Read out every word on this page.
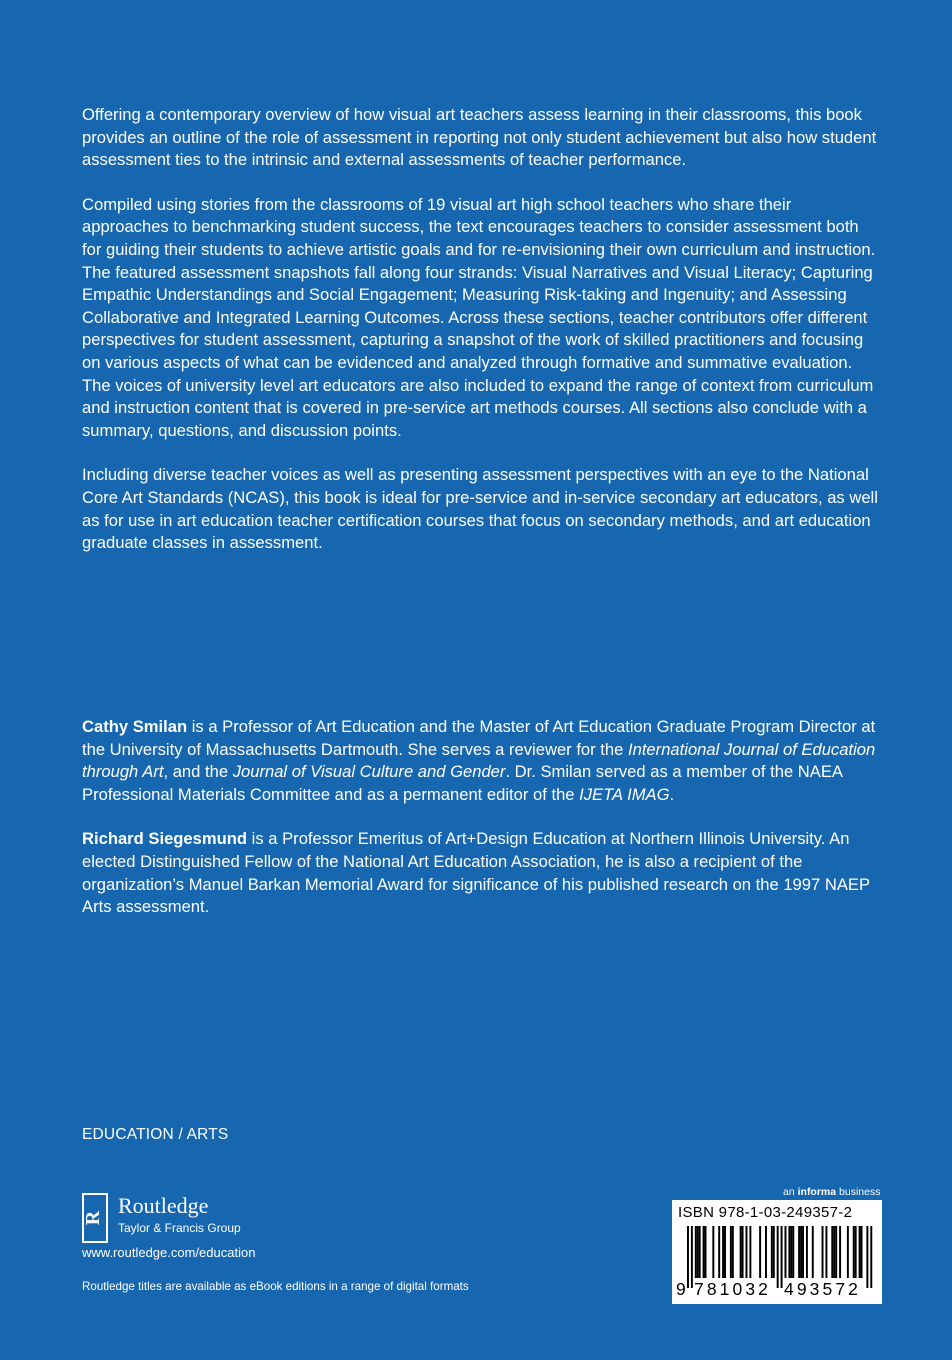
Offering a contemporary overview of how visual art teachers assess learning in their classrooms, this book provides an outline of the role of assessment in reporting not only student achievement but also how student assessment ties to the intrinsic and external assessments of teacher performance.

Compiled using stories from the classrooms of 19 visual art high school teachers who share their approaches to benchmarking student success, the text encourages teachers to consider assessment both for guiding their students to achieve artistic goals and for re-envisioning their own curriculum and instruction. The featured assessment snapshots fall along four strands: Visual Narratives and Visual Literacy; Capturing Empathic Understandings and Social Engagement; Measuring Risk-taking and Ingenuity; and Assessing Collaborative and Integrated Learning Outcomes. Across these sections, teacher contributors offer different perspectives for student assessment, capturing a snapshot of the work of skilled practitioners and focusing on various aspects of what can be evidenced and analyzed through formative and summative evaluation. The voices of university level art educators are also included to expand the range of context from curriculum and instruction content that is covered in pre-service art methods courses. All sections also conclude with a summary, questions, and discussion points.

Including diverse teacher voices as well as presenting assessment perspectives with an eye to the National Core Art Standards (NCAS), this book is ideal for pre-service and in-service secondary art educators, as well as for use in art education teacher certification courses that focus on secondary methods, and art education graduate classes in assessment.

Cathy Smilan is a Professor of Art Education and the Master of Art Education Graduate Program Director at the University of Massachusetts Dartmouth. She serves a reviewer for the International Journal of Education through Art, and the Journal of Visual Culture and Gender. Dr. Smilan served as a member of the NAEA Professional Materials Committee and as a permanent editor of the IJETA IMAG.

Richard Siegesmund is a Professor Emeritus of Art+Design Education at Northern Illinois University. An elected Distinguished Fellow of the National Art Education Association, he is also a recipient of the organization’s Manuel Barkan Memorial Award for significance of his published research on the 1997 NAEP Arts assessment.

EDUCATION / ARTS
R Routledge
Taylor & Francis Group
www.routledge.com/education
Routledge titles are available as eBook editions in a range of digital formats
an informa business
ISBN 978-1-03-249357-2
9 781032 493572
